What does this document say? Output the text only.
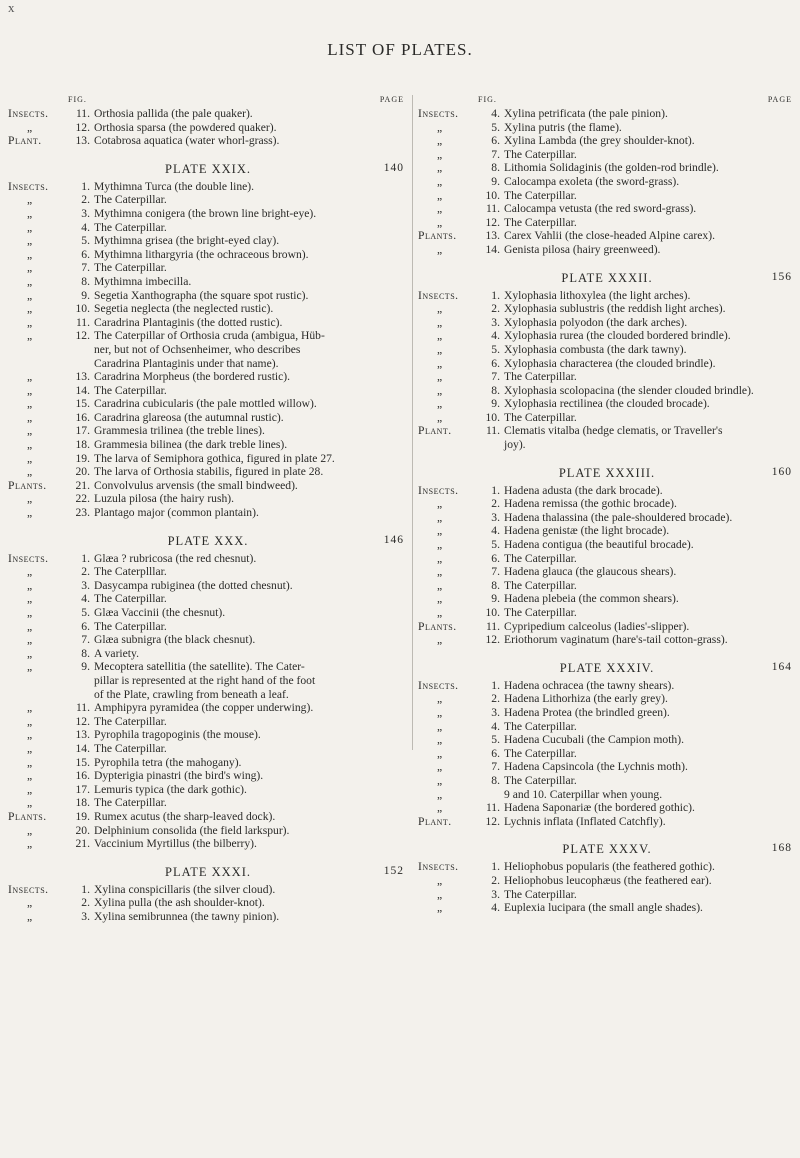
x
LIST OF PLATES.
FIG.	PAGE
Insects.	11. Orthosia pallida (the pale quaker).
„	12. Orthosia sparsa (the powdered quaker).
Plant.	13. Cotabrosa aquatica (water whorl-grass).
PLATE XXIX.	140
Insects.	1. Mythimna Turca (the double line).
„	2. The Caterpillar.
„	3. Mythimna conigera (the brown line bright-eye).
„	4. The Caterpillar.
„	5. Mythimna grisea (the bright-eyed clay).
„	6. Mythimna lithargyria (the ochraceous brown).
„	7. The Caterpillar.
„	8. Mythimna imbecilla.
„	9. Segetia Xanthographa (the square spot rustic).
„	10. Segetia neglecta (the neglected rustic).
„	11. Caradrina Plantaginis (the dotted rustic).
„	12. The Caterpillar of Orthosia cruda (ambigua, Hüb-
ner, but not of Ochsenheimer, who describes
Caradrina Plantaginis under that name).
„	13. Caradrina Morpheus (the bordered rustic).
„	14. The Caterpillar.
„	15. Caradrina cubicularis (the pale mottled willow).
„	16. Caradrina glareosa (the autumnal rustic).
„	17. Grammesia trilinea (the treble lines).
„	18. Grammesia bilinea (the dark treble lines).
„	19. The larva of Semiphora gothica, figured in plate 27.
„	20. The larva of Orthosia stabilis, figured in plate 28.
Plants.	21. Convolvulus arvensis (the small bindweed).
„	22. Luzula pilosa (the hairy rush).
„	23. Plantago major (common plantain).
PLATE XXX.	146
Insects.	1. Glæa ? rubricosa (the red chesnut).
„	2. The Caterplllar.
„	3. Dasycampa rubiginea (the dotted chesnut).
„	4. The Caterpillar.
„	5. Glæa Vaccinii (the chesnut).
„	6. The Caterpillar.
„	7. Glæa subnigra (the black chesnut).
„	8. A variety.
„	9. Mecoptera satellitia (the satellite). The Cater-
pillar is represented at the right hand of the foot
of the Plate, crawling from beneath a leaf.
„	11. Amphipyra pyramidea (the copper underwing).
„	12. The Caterpillar.
„	13. Pyrophila tragopoginis (the mouse).
„	14. The Caterpillar.
„	15. Pyrophila tetra (the mahogany).
„	16. Dypterigia pinastri (the bird's wing).
„	17. Lemuris typica (the dark gothic).
„	18. The Caterpillar.
Plants.	19. Rumex acutus (the sharp-leaved dock).
„	20. Delphinium consolida (the field larkspur).
„	21. Vaccinium Myrtillus (the bilberry).
PLATE XXXI.	152
Insects.	1. Xylina conspicillaris (the silver cloud).
„	2. Xylina pulla (the ash shoulder-knot).
„	3. Xylina semibrunnea (the tawny pinion).
FIG.	PAGE
Insects.	4. Xylina petrificata (the pale pinion).
„	5. Xylina putris (the flame).
„	6. Xylina Lambda (the grey shoulder-knot).
„	7. The Caterpillar.
„	8. Lithomia Solidaginis (the golden-rod brindle).
„	9. Calocampa exoleta (the sword-grass).
„	10. The Caterpillar.
„	11. Calocampa vetusta (the red sword-grass).
„	12. The Caterpillar.
Plants.	13. Carex Vahlii (the close-headed Alpine carex).
„	14. Genista pilosa (hairy greenweed).
PLATE XXXII.	156
Insects.	1. Xylophasia lithoxylea (the light arches).
„	2. Xylophasia sublustris (the reddish light arches).
„	3. Xylophasia polyodon (the dark arches).
„	4. Xylophasia rurea (the clouded bordered brindle).
„	5. Xylophasia combusta (the dark tawny).
„	6. Xylophasia characterea (the clouded brindle).
„	7. The Caterpillar.
„	8. Xylophasia scolopacina (the slender clouded brindle).
„	9. Xylophasia rectilinea (the clouded brocade).
„	10. The Caterpillar.
Plant.	11. Clematis vitalba (hedge clematis, or Traveller's
joy).
PLATE XXXIII.	160
Insects.	1. Hadena adusta (the dark brocade).
„	2. Hadena remissa (the gothic brocade).
„	3. Hadena thalassina (the pale-shouldered brocade).
„	4. Hadena genistæ (the light brocade).
„	5. Hadena contigua (the beautiful brocade).
„	6. The Caterpillar.
„	7. Hadena glauca (the glaucous shears).
„	8. The Caterpillar.
„	9. Hadena plebeia (the common shears).
„	10. The Caterpillar.
Plants.	11. Cypripedium calceolus (ladies'-slipper).
„	12. Eriothorum vaginatum (hare's-tail cotton-grass).
PLATE XXXIV.	164
Insects.	1. Hadena ochracea (the tawny shears).
„	2. Hadena Lithorhiza (the early grey).
„	3. Hadena Protea (the brindled green).
„	4. The Caterpillar.
„	5. Hadena Cucubali (the Campion moth).
„	6. The Caterpillar.
„	7. Hadena Capsincola (the Lychnis moth).
„	8. The Caterpillar.
„	9 and 10. Caterpillar when young.
„	11. Hadena Saponariæ (the bordered gothic).
Plant.	12. Lychnis inflata (Inflated Catchfly).
PLATE XXXV.	168
Insects.	1. Heliophobus popularis (the feathered gothic).
„	2. Heliophobus leucophæus (the feathered ear).
„	3. The Caterpillar.
„	4. Euplexia lucipara (the small angle shades).
